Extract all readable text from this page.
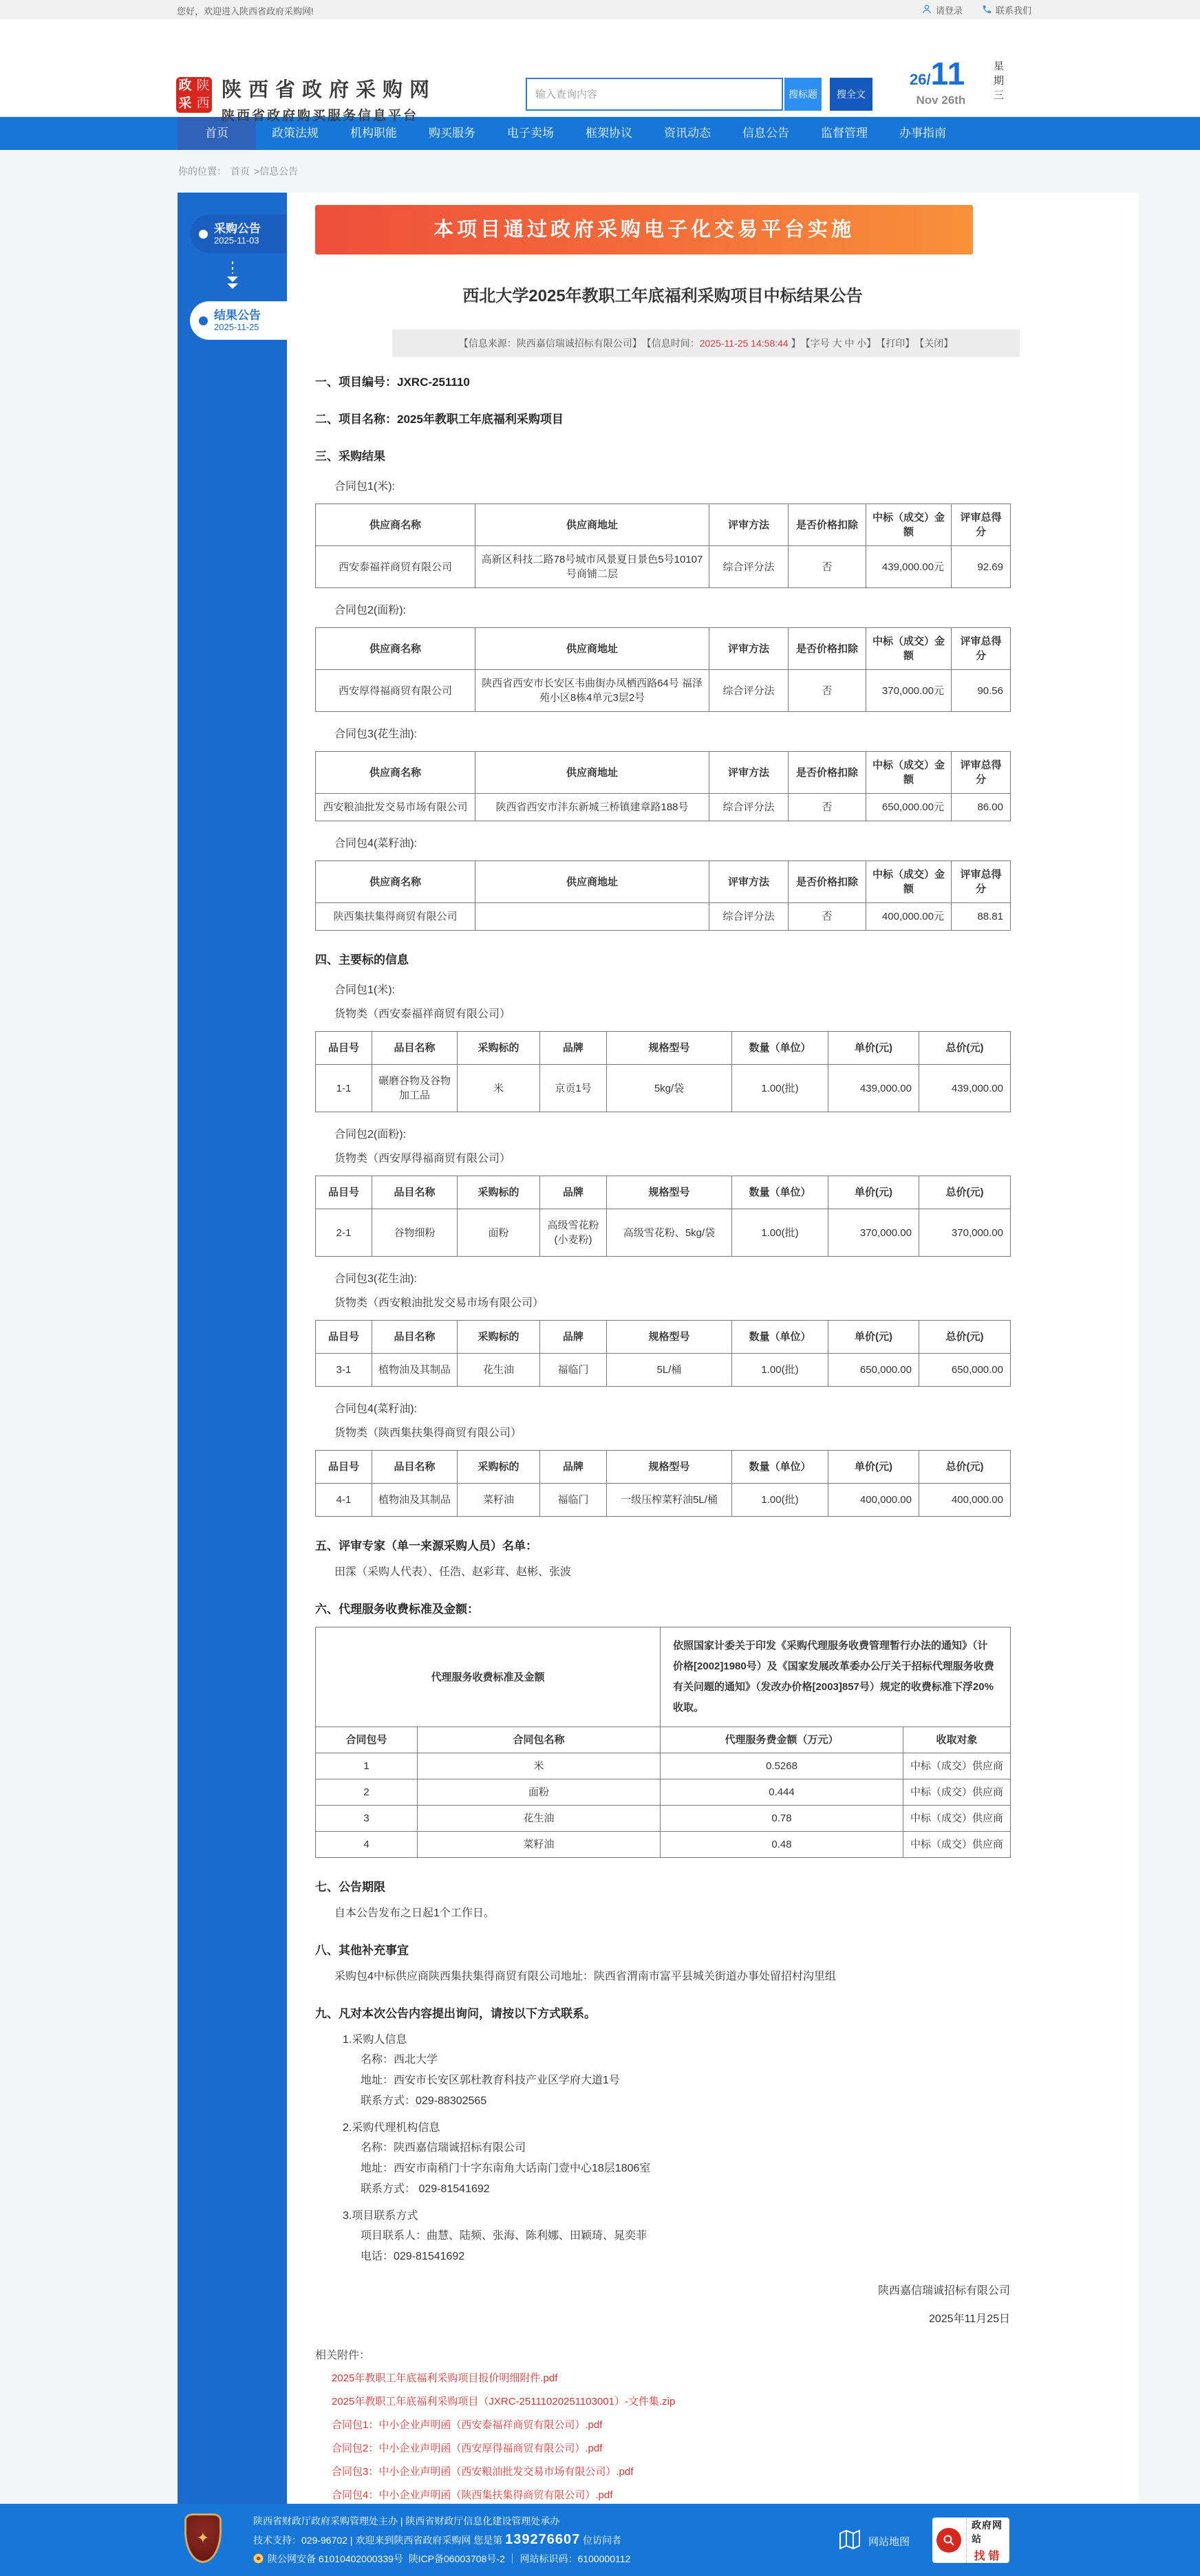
您好，欢迎进入陕西省政府采购网!	请登录	联系我们
政 陕
采 西
陕西省政府采购网
陕西省政府购买服务信息平台
输入查询内容
搜标题	搜全文
26/ 11
Nov 26th	星期三
首页	政策法规	机构职能	购买服务	电子卖场	框架协议	资讯动态	信息公告	监督管理	办事指南
你的位置： 首页 >信息公告
采购公告
2025-11-03
结果公告
2025-11-25
本项目通过政府采购电子化交易平台实施
西北大学2025年教职工年底福利采购项目中标结果公告
【信息来源：陕西嘉信瑞诚招标有限公司】 【信息时间： 2025-11-25 14:58:44 】 【字号 大
中
小 】 【打印】 【关闭】
一、项目编号：JXRC-251110
二、项目名称：2025年教职工年底福利采购项目
三、采购结果
合同包1(米):
供应商名称	供应商地址	评审方法	是否价格扣除	中标（成交）金额	评审总得分
西安泰福祥商贸有限公司	高新区科技二路78号城市风景夏日景色5号10107号商铺二层	综合评分法	否	439,000.00元	92.69
合同包2(面粉):
供应商名称	供应商地址	评审方法	是否价格扣除	中标（成交）金额	评审总得分
西安厚得福商贸有限公司	陕西省西安市长安区韦曲街办凤栖西路64号 福泽苑小区8栋4单元3层2号	综合评分法	否	370,000.00元	90.56
合同包3(花生油):
供应商名称	供应商地址	评审方法	是否价格扣除	中标（成交）金额	评审总得分
西安粮油批发交易市场有限公司	陕西省西安市沣东新城三桥镇建章路188号	综合评分法	否	650,000.00元	86.00
合同包4(菜籽油):
供应商名称	供应商地址	评审方法	是否价格扣除	中标（成交）金额	评审总得分
陕西集扶集得商贸有限公司		综合评分法	否	400,000.00元	88.81
四、主要标的信息
合同包1(米):
货物类（西安泰福祥商贸有限公司）
品目号	品目名称	采购标的	品牌	规格型号	数量（单位）	单价(元)	总价(元)
1-1	碾磨谷物及谷物加工品	米	京贡1号	5kg/袋	1.00(批)	439,000.00	439,000.00
合同包2(面粉):
货物类（西安厚得福商贸有限公司）
品目号	品目名称	采购标的	品牌	规格型号	数量（单位）	单价(元)	总价(元)
2-1	谷物细粉	面粉	高级雪花粉(小麦粉)	高级雪花粉、5kg/袋	1.00(批)	370,000.00	370,000.00
合同包3(花生油):
货物类（西安粮油批发交易市场有限公司）
品目号	品目名称	采购标的	品牌	规格型号	数量（单位）	单价(元)	总价(元)
3-1	植物油及其制品	花生油	福临门	5L/桶	1.00(批)	650,000.00	650,000.00
合同包4(菜籽油):
货物类（陕西集扶集得商贸有限公司）
品目号	品目名称	采购标的	品牌	规格型号	数量（单位）	单价(元)	总价(元)
4-1	植物油及其制品	菜籽油	福临门	一级压榨菜籽油5L/桶	1.00(批)	400,000.00	400,000.00
五、评审专家（单一来源采购人员）名单：
田霂（采购人代表）、任浩、赵彩茸、赵彬、张波
六、代理服务收费标准及金额：
代理服务收费标准及金额		依照国家计委关于印发《采购代理服务收费管理暂行办法的通知》（计价格[2002]1980号）及《国家发展改革委办公厅关于招标代理服务收费有关问题的通知》（发改办价格[2003]857号）规定的收费标准下浮20%收取。	
合同包号	合同包名称	代理服务费金额（万元）	收取对象
1	米	0.5268	中标（成交）供应商
2	面粉	0.444	中标（成交）供应商
3	花生油	0.78	中标（成交）供应商
4	菜籽油	0.48	中标（成交）供应商
七、公告期限
自本公告发布之日起1个工作日。
八、其他补充事宜
采购包4中标供应商陕西集扶集得商贸有限公司地址：陕西省渭南市富平县城关街道办事处留招村沟里组
九、凡对本次公告内容提出询问，请按以下方式联系。
1.采购人信息
名称：西北大学
地址：西安市长安区郭杜教育科技产业区学府大道1号
联系方式：029-88302565
2.采购代理机构信息
名称：陕西嘉信瑞诚招标有限公司
地址：西安市南稍门十字东南角大话南门壹中心18层1806室
联系方式： 029-81541692
3.项目联系方式
项目联系人：曲慧、陆频、张海、陈利娜、田颖琦、晁奕菲
电话：029-81541692
陕西嘉信瑞诚招标有限公司
2025年11月25日
相关附件：
2025年教职工年底福利采购项目报价明细附件.pdf
2025年教职工年底福利采购项目（JXRC-25111020251103001）-文件集.zip
合同包1：中小企业声明函（西安泰福祥商贸有限公司）.pdf
合同包2：中小企业声明函（西安厚得福商贸有限公司）.pdf
合同包3：中小企业声明函（西安粮油批发交易市场有限公司）.pdf
合同包4：中小企业声明函（陕西集扶集得商贸有限公司）.pdf
✦
陕西省财政厅政府采购管理处主办 | 陕西省财政厅信息化建设管理处承办
技术支持：029-96702 | 欢迎来到陕西省政府采购网 您是第 139276607 位访问者
陕公网安备 61010402000339号 陕ICP备06003708号-2 ｜ 网站标识码：6100000112
网站地图
政府网站
找错
